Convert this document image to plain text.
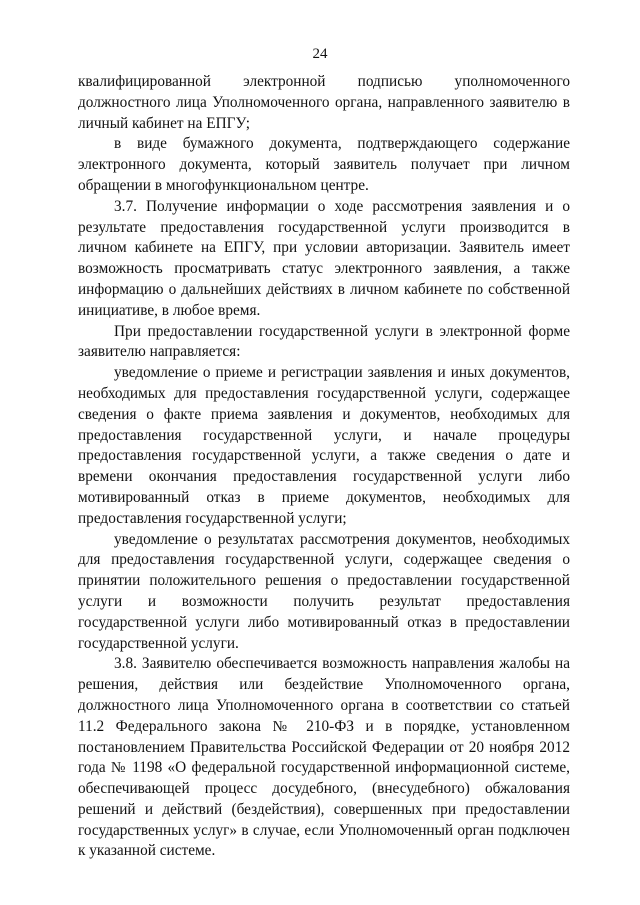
24

квалифицированной электронной подписью уполномоченного должностного лица Уполномоченного органа, направленного заявителю в личный кабинет на ЕПГУ;

в виде бумажного документа, подтверждающего содержание электронного документа, который заявитель получает при личном обращении в многофункциональном центре.

3.7. Получение информации о ходе рассмотрения заявления и о результате предоставления государственной услуги производится в личном кабинете на ЕПГУ, при условии авторизации. Заявитель имеет возможность просматривать статус электронного заявления, а также информацию о дальнейших действиях в личном кабинете по собственной инициативе, в любое время.

При предоставлении государственной услуги в электронной форме заявителю направляется:

уведомление о приеме и регистрации заявления и иных документов, необходимых для предоставления государственной услуги, содержащее сведения о факте приема заявления и документов, необходимых для предоставления государственной услуги, и начале процедуры предоставления государственной услуги, а также сведения о дате и времени окончания предоставления государственной услуги либо мотивированный отказ в приеме документов, необходимых для предоставления государственной услуги;

уведомление о результатах рассмотрения документов, необходимых для предоставления государственной услуги, содержащее сведения о принятии положительного решения о предоставлении государственной услуги и возможности получить результат предоставления государственной услуги либо мотивированный отказ в предоставлении государственной услуги.

3.8. Заявителю обеспечивается возможность направления жалобы на решения, действия или бездействие Уполномоченного органа, должностного лица Уполномоченного органа в соответствии со статьей 11.2 Федерального закона № 210-ФЗ и в порядке, установленном постановлением Правительства Российской Федерации от 20 ноября 2012 года № 1198 «О федеральной государственной информационной системе, обеспечивающей процесс досудебного, (внесудебного) обжалования решений и действий (бездействия), совершенных при предоставлении государственных услуг» в случае, если Уполномоченный орган подключен к указанной системе.
